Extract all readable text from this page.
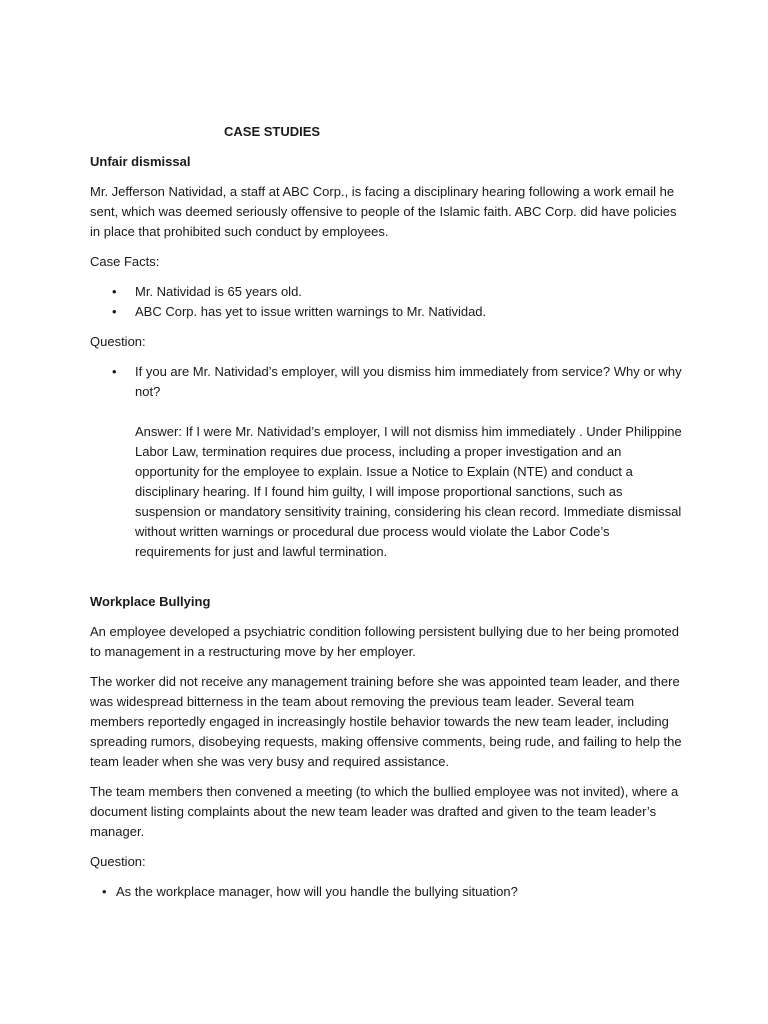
CASE STUDIES
Unfair dismissal

Mr. Jefferson Natividad, a staff at ABC Corp., is facing a disciplinary hearing following a work email he sent, which was deemed seriously offensive to people of the Islamic faith. ABC Corp. did have policies in place that prohibited such conduct by employees.

Case Facts:

• Mr. Natividad is 65 years old.
• ABC Corp. has yet to issue written warnings to Mr. Natividad.

Question:

• If you are Mr. Natividad’s employer, will you dismiss him immediately from service? Why or why not?
Answer: If I were Mr. Natividad’s employer, I will not dismiss him immediately . Under Philippine Labor Law, termination requires due process, including a proper investigation and an opportunity for the employee to explain. Issue a Notice to Explain (NTE) and conduct a disciplinary hearing. If I found him guilty, I will impose proportional sanctions, such as suspension or mandatory sensitivity training, considering his clean record. Immediate dismissal without written warnings or procedural due process would violate the Labor Code’s requirements for just and lawful termination.
Workplace Bullying

An employee developed a psychiatric condition following persistent bullying due to her being promoted to management in a restructuring move by her employer.

The worker did not receive any management training before she was appointed team leader, and there was widespread bitterness in the team about removing the previous team leader. Several team members reportedly engaged in increasingly hostile behavior towards the new team leader, including spreading rumors, disobeying requests, making offensive comments, being rude, and failing to help the team leader when she was very busy and required assistance.

The team members then convened a meeting (to which the bullied employee was not invited), where a document listing complaints about the new team leader was drafted and given to the team leader’s manager.

Question:

• As the workplace manager, how will you handle the bullying situation?
